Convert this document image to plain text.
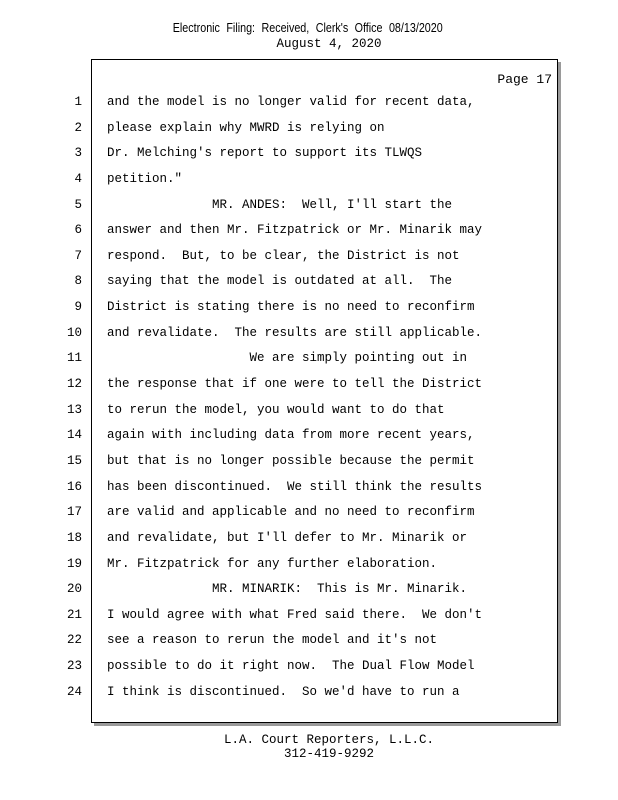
Electronic Filing: Received, Clerk's Office 08/13/2020
August 4, 2020
Page 17
1
2
3
4
5
6
7
8
9
10
11
12
13
14
15
16
17
18
19
20
21
22
23
24
and the model is no longer valid for recent data,
please explain why MWRD is relying on
Dr. Melching's report to support its TLWQS
petition."
MR. ANDES:  Well, I'll start the
answer and then Mr. Fitzpatrick or Mr. Minarik may
respond.  But, to be clear, the District is not
saying that the model is outdated at all.  The
District is stating there is no need to reconfirm
and revalidate.  The results are still applicable.
We are simply pointing out in
the response that if one were to tell the District
to rerun the model, you would want to do that
again with including data from more recent years,
but that is no longer possible because the permit
has been discontinued.  We still think the results
are valid and applicable and no need to reconfirm
and revalidate, but I'll defer to Mr. Minarik or
Mr. Fitzpatrick for any further elaboration.
MR. MINARIK:  This is Mr. Minarik.
I would agree with what Fred said there.  We don't
see a reason to rerun the model and it's not
possible to do it right now.  The Dual Flow Model
I think is discontinued.  So we'd have to run a
L.A. Court Reporters, L.L.C.
312-419-9292
